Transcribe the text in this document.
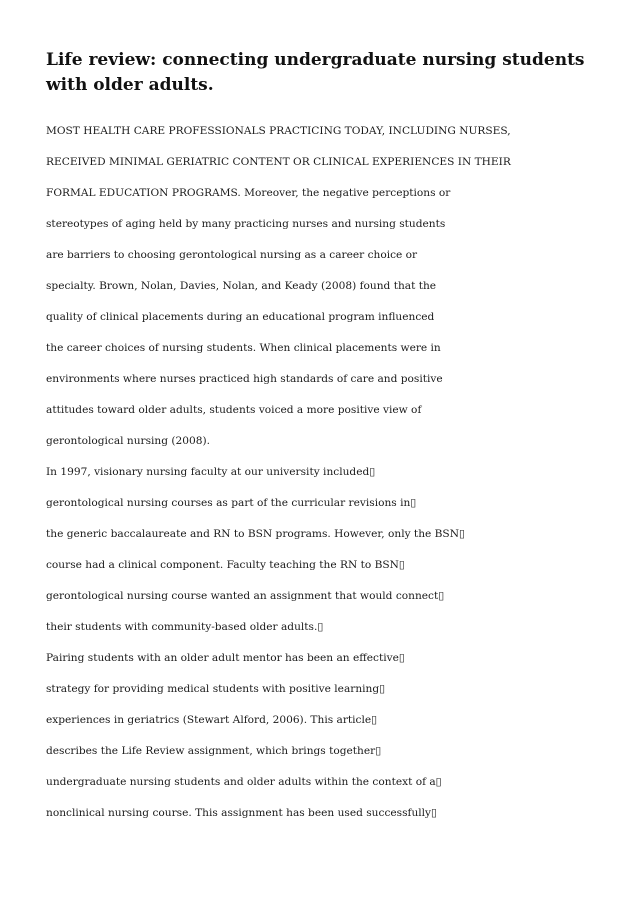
Life review: connecting undergraduate nursing students with older adults.
MOST HEALTH CARE PROFESSIONALS PRACTICING TODAY, INCLUDING NURSES,
RECEIVED MINIMAL GERIATRIC CONTENT OR CLINICAL EXPERIENCES IN THEIR
FORMAL EDUCATION PROGRAMS. Moreover, the negative perceptions or
stereotypes of aging held by many practicing nurses and nursing students
are barriers to choosing gerontological nursing as a career choice or
specialty. Brown, Nolan, Davies, Nolan, and Keady (2008) found that the
quality of clinical placements during an educational program influenced
the career choices of nursing students. When clinical placements were in
environments where nurses practiced high standards of care and positive
attitudes toward older adults, students voiced a more positive view of
gerontological nursing (2008).
In 1997, visionary nursing faculty at our university included▯
gerontological nursing courses as part of the curricular revisions in▯
the generic baccalaureate and RN to BSN programs. However, only the BSN▯
course had a clinical component. Faculty teaching the RN to BSN▯
gerontological nursing course wanted an assignment that would connect▯
their students with community-based older adults.▯
Pairing students with an older adult mentor has been an effective▯
strategy for providing medical students with positive learning▯
experiences in geriatrics (Stewart Alford, 2006). This article▯
describes the Life Review assignment, which brings together▯
undergraduate nursing students and older adults within the context of a▯
nonclinical nursing course. This assignment has been used successfully▯
